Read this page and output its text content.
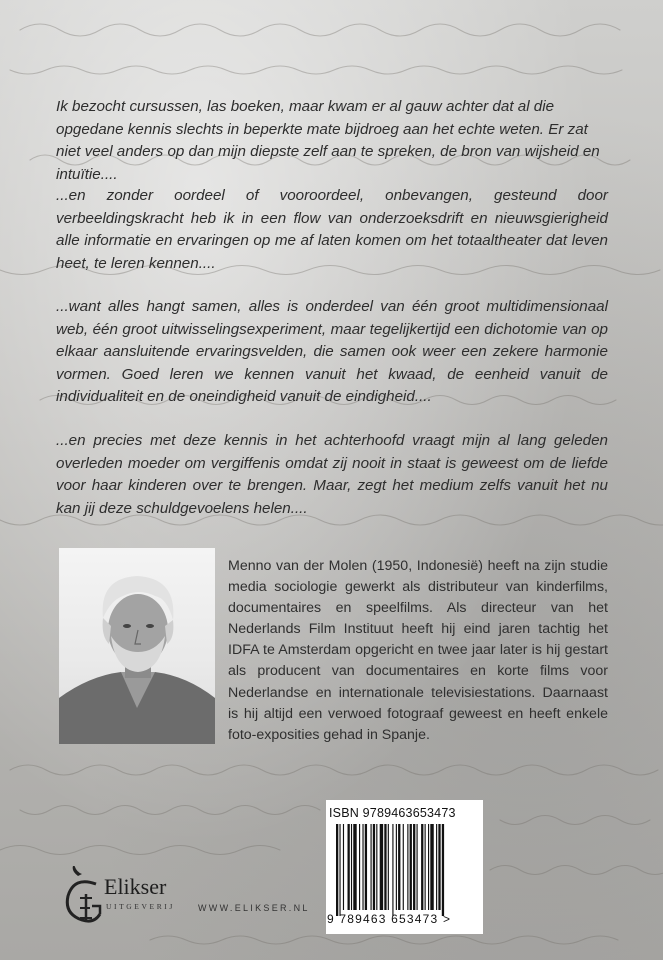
Ik bezocht cursussen, las boeken, maar kwam er al gauw achter dat al die opgedane kennis slechts in beperkte mate bijdroeg aan het echte weten. Er zat niet veel anders op dan mijn diepste zelf aan te spreken, de bron van wijsheid en intuïtie....

...en zonder oordeel of vooroordeel, onbevangen, gesteund door verbeeldingskracht heb ik in een flow van onderzoeksdrift en nieuwsgierigheid alle informatie en ervaringen op me af laten komen om het totaaltheater dat leven heet, te leren kennen....

...want alles hangt samen, alles is onderdeel van één groot multidimensionaal web, één groot uitwisselingsexperiment, maar tegelijkertijd een dichotomie van op elkaar aansluitende ervaringsvelden, die samen ook weer een zekere harmonie vormen. Goed leren we kennen vanuit het kwaad, de eenheid vanuit de individualiteit en de oneindigheid vanuit de eindigheid....

...en precies met deze kennis in het achterhoofd vraagt mijn al lang geleden overleden moeder om vergiffenis omdat zij nooit in staat is geweest om de liefde voor haar kinderen over te brengen. Maar, zegt het medium zelfs vanuit het nu kan jij deze schuldgevoelens helen....

Menno van der Molen (1950, Indonesië) heeft na zijn studie media sociologie gewerkt als distributeur van kinderfilms, documentaires en speelfilms. Als directeur van het Nederlands Film Instituut heeft hij eind jaren tachtig het IDFA te Amsterdam opgericht en twee jaar later is hij gestart als producent van documentaires en korte films voor Nederlandse en internationale televisiestations. Daarnaast is hij altijd een verwoed fotograaf geweest en heeft enkele foto-exposities gehad in Spanje.

ISBN 9789463653473
9 789463 653473 >
Elikser
UITGEVERIJ	WWW.ELIKSER.NL
